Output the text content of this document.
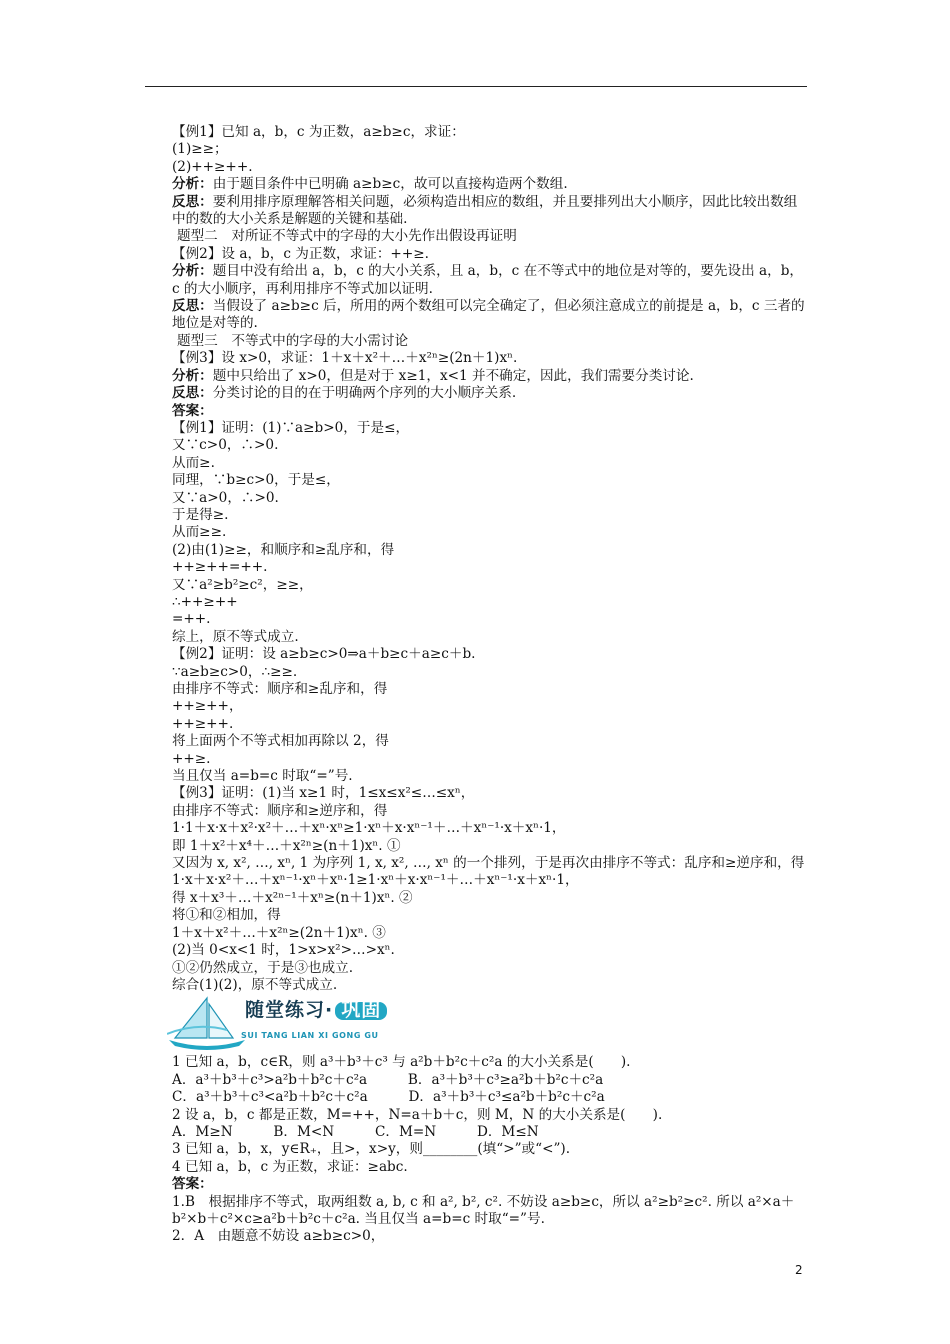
【例1】已知 a，b，c 为正数，a≥b≥c，求证：

(1)≥≥；

(2)++≥++.

分析：由于题目条件中已明确 a≥b≥c，故可以直接构造两个数组.

反思：要利用排序原理解答相关问题，必须构造出相应的数组，并且要排列出大小顺序，因此比较出数组中的数的大小关系是解题的关键和基础.

题型二　对所证不等式中的字母的大小先作出假设再证明

【例2】设 a，b，c 为正数，求证：++≥.

分析：题目中没有给出 a，b，c 的大小关系，且 a，b，c 在不等式中的地位是对等的，要先设出 a，b，c 的大小顺序，再利用排序不等式加以证明.

反思：当假设了 a≥b≥c 后，所用的两个数组可以完全确定了，但必须注意成立的前提是 a，b，c 三者的地位是对等的.

题型三　不等式中的字母的大小需讨论

【例3】设 x>0，求证：1＋x＋x²＋…＋x²ⁿ≥(2n＋1)xⁿ.

分析：题中只给出了 x>0，但是对于 x≥1，x<1 并不确定，因此，我们需要分类讨论.

反思：分类讨论的目的在于明确两个序列的大小顺序关系.

答案：

【例1】证明：(1)∵a≥b>0，于是≤，

又∵c>0，∴>0.

从而≥.

同理，∵b≥c>0，于是≤，

又∵a>0，∴>0.

于是得≥.

从而≥≥.

(2)由(1)≥≥，和顺序和≥乱序和，得

++≥++=++.

又∵a²≥b²≥c²，≥≥，

∴++≥++

=++.

综上，原不等式成立.

【例2】证明：设 a≥b≥c>0⇒a＋b≥c＋a≥c＋b.

∵a≥b≥c>0，∴≥≥.

由排序不等式：顺序和≥乱序和，得

++≥++，

++≥++.

将上面两个不等式相加再除以 2，得

++≥.

当且仅当 a=b=c 时取“=”号.

【例3】证明：(1)当 x≥1 时，1≤x≤x²≤…≤xⁿ，

由排序不等式：顺序和≥逆序和，得

1·1＋x·x＋x²·x²＋…＋xⁿ·xⁿ≥1·xⁿ＋x·xⁿ⁻¹＋…＋xⁿ⁻¹·x＋xⁿ·1，

即 1＋x²＋x⁴＋…＋x²ⁿ≥(n＋1)xⁿ. ①

又因为 x, x², …, xⁿ, 1 为序列 1, x, x², …, xⁿ 的一个排列，于是再次由排序不等式：乱序和≥逆序和，得

1·x＋x·x²＋…＋xⁿ⁻¹·xⁿ＋xⁿ·1≥1·xⁿ＋x·xⁿ⁻¹＋…＋xⁿ⁻¹·x＋xⁿ·1，

得 x＋x³＋…＋x²ⁿ⁻¹＋xⁿ≥(n＋1)xⁿ. ②

将①和②相加，得

1＋x＋x²＋…＋x²ⁿ≥(2n＋1)xⁿ. ③

(2)当 0<x<1 时，1>x>x²>…>xⁿ.

①②仍然成立，于是③也成立.

综合(1)(2)，原不等式成立.

随堂练习· 巩固
SUI TANG LIAN XI GONG GU

1 已知 a，b，c∈R，则 a³＋b³＋c³ 与 a²b＋b²c＋c²a 的大小关系是(　　).

A．a³＋b³＋c³>a²b＋b²c＋c²a　　　B．a³＋b³＋c³≥a²b＋b²c＋c²a

C．a³＋b³＋c³<a²b＋b²c＋c²a　　　D．a³＋b³＋c³≤a²b＋b²c＋c²a

2 设 a，b，c 都是正数，M=++，N=a＋b＋c，则 M，N 的大小关系是(　　).

A．M≥N　　　B．M<N　　　C．M=N　　　D．M≤N

3 已知 a，b，x，y∈R₊，且>，x>y，则________(填“>”或“<”).

4 已知 a，b，c 为正数，求证：≥abc.

答案：

1.B　根据排序不等式，取两组数 a, b, c 和 a², b², c². 不妨设 a≥b≥c，所以 a²≥b²≥c². 所以 a²×a＋b²×b＋c²×c≥a²b＋b²c＋c²a. 当且仅当 a=b=c 时取“=”号.

2．A　由题意不妨设 a≥b≥c>0，

2
